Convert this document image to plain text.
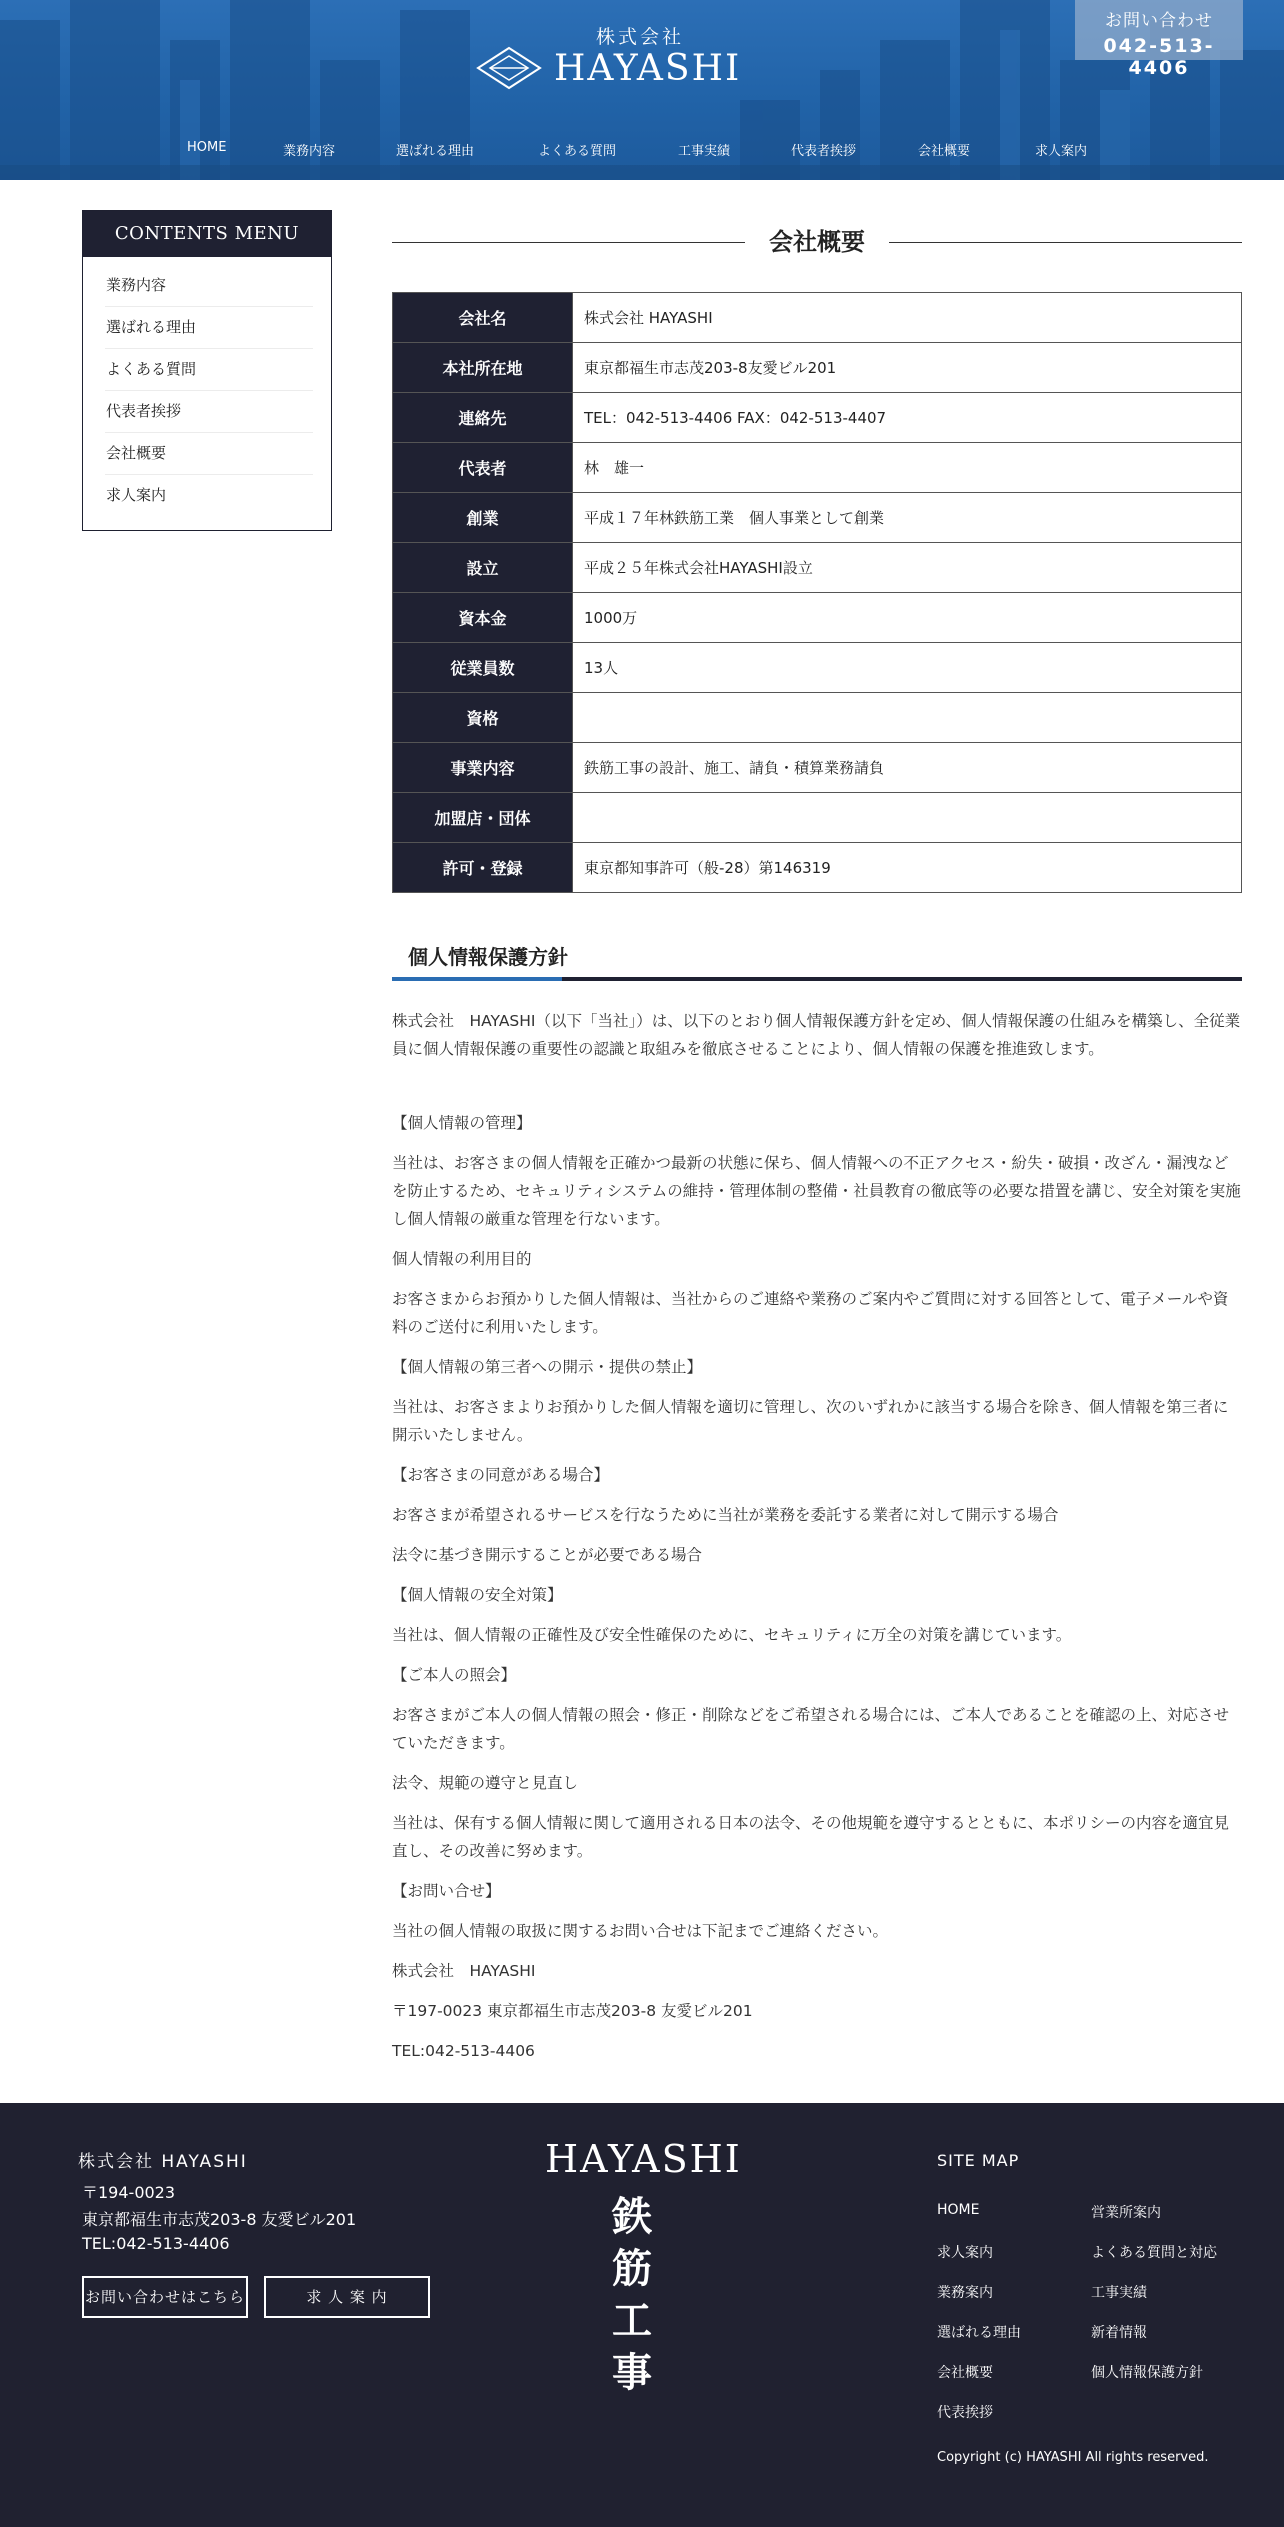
株式会社
HAYASHI
お問い合わせ
042-513-4406
HOME	業務内容	選ばれる理由	よくある質問	工事実績	代表者挨拶	会社概要	求人案内
CONTENTS MENU
業務内容
選ばれる理由
よくある質問
代表者挨拶
会社概要
求人案内
会社概要
会社名	株式会社 HAYASHI
本社所在地	東京都福生市志茂203-8友愛ビル201
連絡先	TEL：042-513-4406 FAX：042-513-4407
代表者	林　雄一
創業	平成１７年林鉄筋工業　個人事業として創業
設立	平成２５年株式会社HAYASHI設立
資本金	1000万
従業員数	13人
資格	
事業内容	鉄筋工事の設計、施工、請負・積算業務請負
加盟店・団体	
許可・登録	東京都知事許可（般-28）第146319
個人情報保護方針

株式会社　HAYASHI（以下「当社」）は、以下のとおり個人情報保護方針を定め、個人情報保護の仕組みを構築し、全従業員に個人情報保護の重要性の認識と取組みを徹底させることにより、個人情報の保護を推進致します。

【個人情報の管理】

当社は、お客さまの個人情報を正確かつ最新の状態に保ち、個人情報への不正アクセス・紛失・破損・改ざん・漏洩などを防止するため、セキュリティシステムの維持・管理体制の整備・社員教育の徹底等の必要な措置を講じ、安全対策を実施し個人情報の厳重な管理を行ないます。

個人情報の利用目的

お客さまからお預かりした個人情報は、当社からのご連絡や業務のご案内やご質問に対する回答として、電子メールや資料のご送付に利用いたします。

【個人情報の第三者への開示・提供の禁止】

当社は、お客さまよりお預かりした個人情報を適切に管理し、次のいずれかに該当する場合を除き、個人情報を第三者に開示いたしません。

【お客さまの同意がある場合】

お客さまが希望されるサービスを行なうために当社が業務を委託する業者に対して開示する場合

法令に基づき開示することが必要である場合

【個人情報の安全対策】

当社は、個人情報の正確性及び安全性確保のために、セキュリティに万全の対策を講じています。

【ご本人の照会】

お客さまがご本人の個人情報の照会・修正・削除などをご希望される場合には、ご本人であることを確認の上、対応させていただきます。

法令、規範の遵守と見直し

当社は、保有する個人情報に関して適用される日本の法令、その他規範を遵守するとともに、本ポリシーの内容を適宜見直し、その改善に努めます。

【お問い合せ】

当社の個人情報の取扱に関するお問い合せは下記までご連絡ください。

株式会社　HAYASHI

〒197-0023 東京都福生市志茂203-8 友愛ビル201

TEL:042-513-4406

株式会社 HAYASHI
〒194-0023
東京都福生市志茂203-8 友愛ビル201
TEL:042-513-4406
お問い合わせはこちら	求 人 案 内
HAYASHI
鉄
筋
工
事
SITE MAP
HOME
求人案内
業務案内
選ばれる理由
会社概要
代表挨拶
営業所案内
よくある質問と対応
工事実績
新着情報
個人情報保護方針
Copyright (c) HAYASHI All rights reserved.
